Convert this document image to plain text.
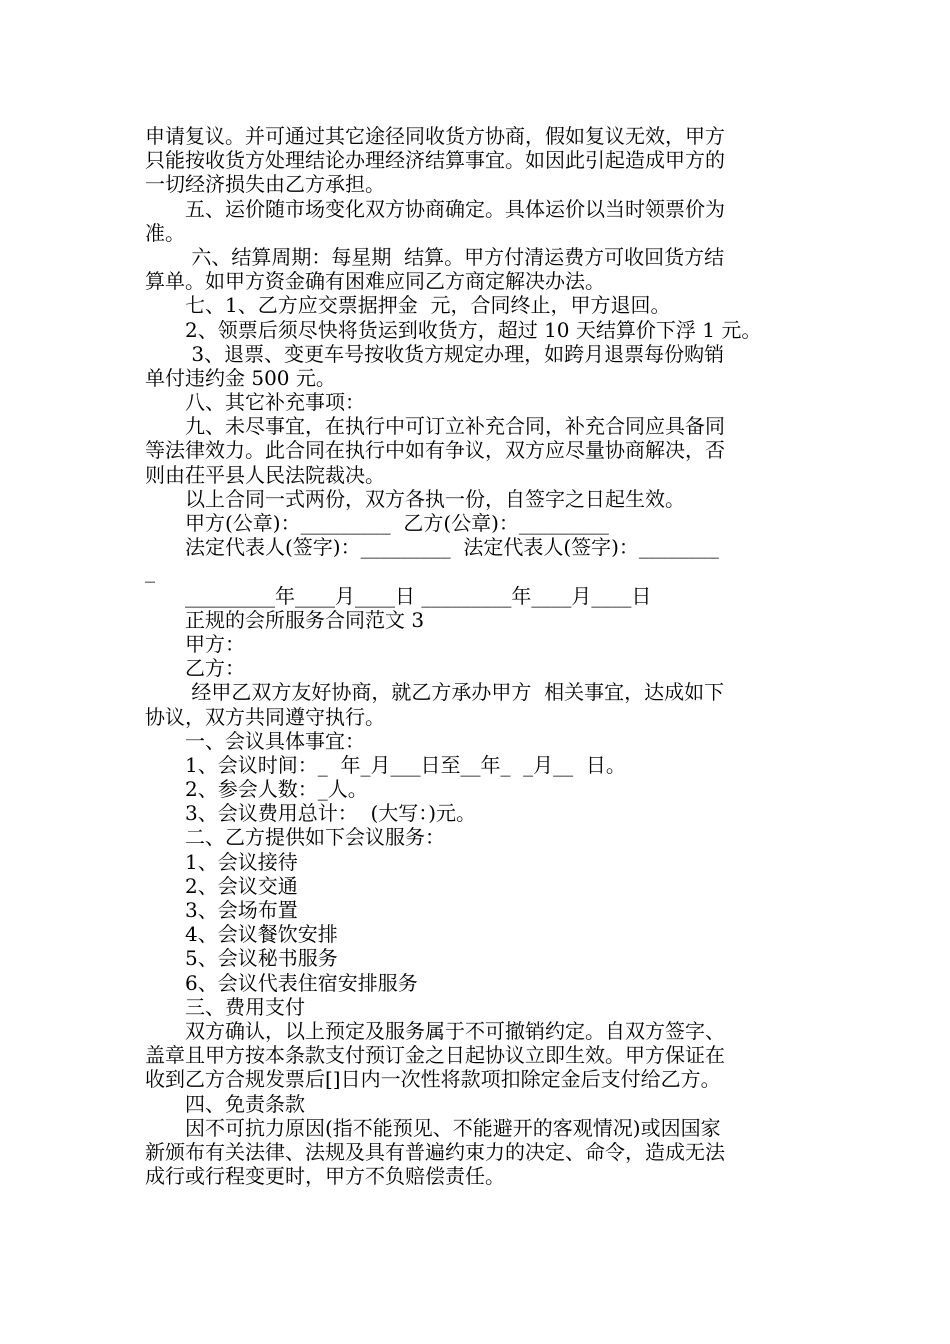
申请复议。并可通过其它途径同收货方协商，假如复议无效，甲方
只能按收货方处理结论办理经济结算事宜。如因此引起造成甲方的
一切经济损失由乙方承担。
　　五、运价随市场变化双方协商确定。具体运价以当时领票价为
准。
　　 六、结算周期：每星期  结算。甲方付清运费方可收回货方结
算单。如甲方资金确有困难应同乙方商定解决办法。
　　七、1、乙方应交票据押金  元，合同终止，甲方退回。
　　2、领票后须尽快将货运到收货方，超过 10 天结算价下浮 1 元。
　　 3、退票、变更车号按收货方规定办理，如跨月退票每份购销
单付违约金 500 元。
　　八、其它补充事项：
　　九、未尽事宜，在执行中可订立补充合同，补充合同应具备同
等法律效力。此合同在执行中如有争议，双方应尽量协商解决，否
则由茌平县人民法院裁决。
　　以上合同一式两份，双方各执一份，自签字之日起生效。
　　甲方(公章)：_________  乙方(公章)：_________
　　法定代表人(签字)：_________  法定代表人(签字)：________
_
　　_________年____月____日 _________年____月____日
　　正规的会所服务合同范文 3
　　甲方：
　　乙方：
　　 经甲乙双方友好协商，就乙方承办甲方  相关事宜，达成如下
协议，双方共同遵守执行。
　　一、会议具体事宜：
　　1、会议时间：_  年_月___日至__年_  _月__  日。
　　2、参会人数：_人。
　　3、会议费用总计：  (大写：)元。
　　二、乙方提供如下会议服务：
　　1、会议接待
　　2、会议交通
　　3、会场布置
　　4、会议餐饮安排
　　5、会议秘书服务
　　6、会议代表住宿安排服务
　　三、费用支付
　　双方确认，以上预定及服务属于不可撤销约定。自双方签字、
盖章且甲方按本条款支付预订金之日起协议立即生效。甲方保证在
收到乙方合规发票后[]日内一次性将款项扣除定金后支付给乙方。
　　四、免责条款
　　因不可抗力原因(指不能预见、不能避开的客观情况)或因国家
新颁布有关法律、法规及具有普遍约束力的决定、命令，造成无法
成行或行程变更时，甲方不负赔偿责任。
